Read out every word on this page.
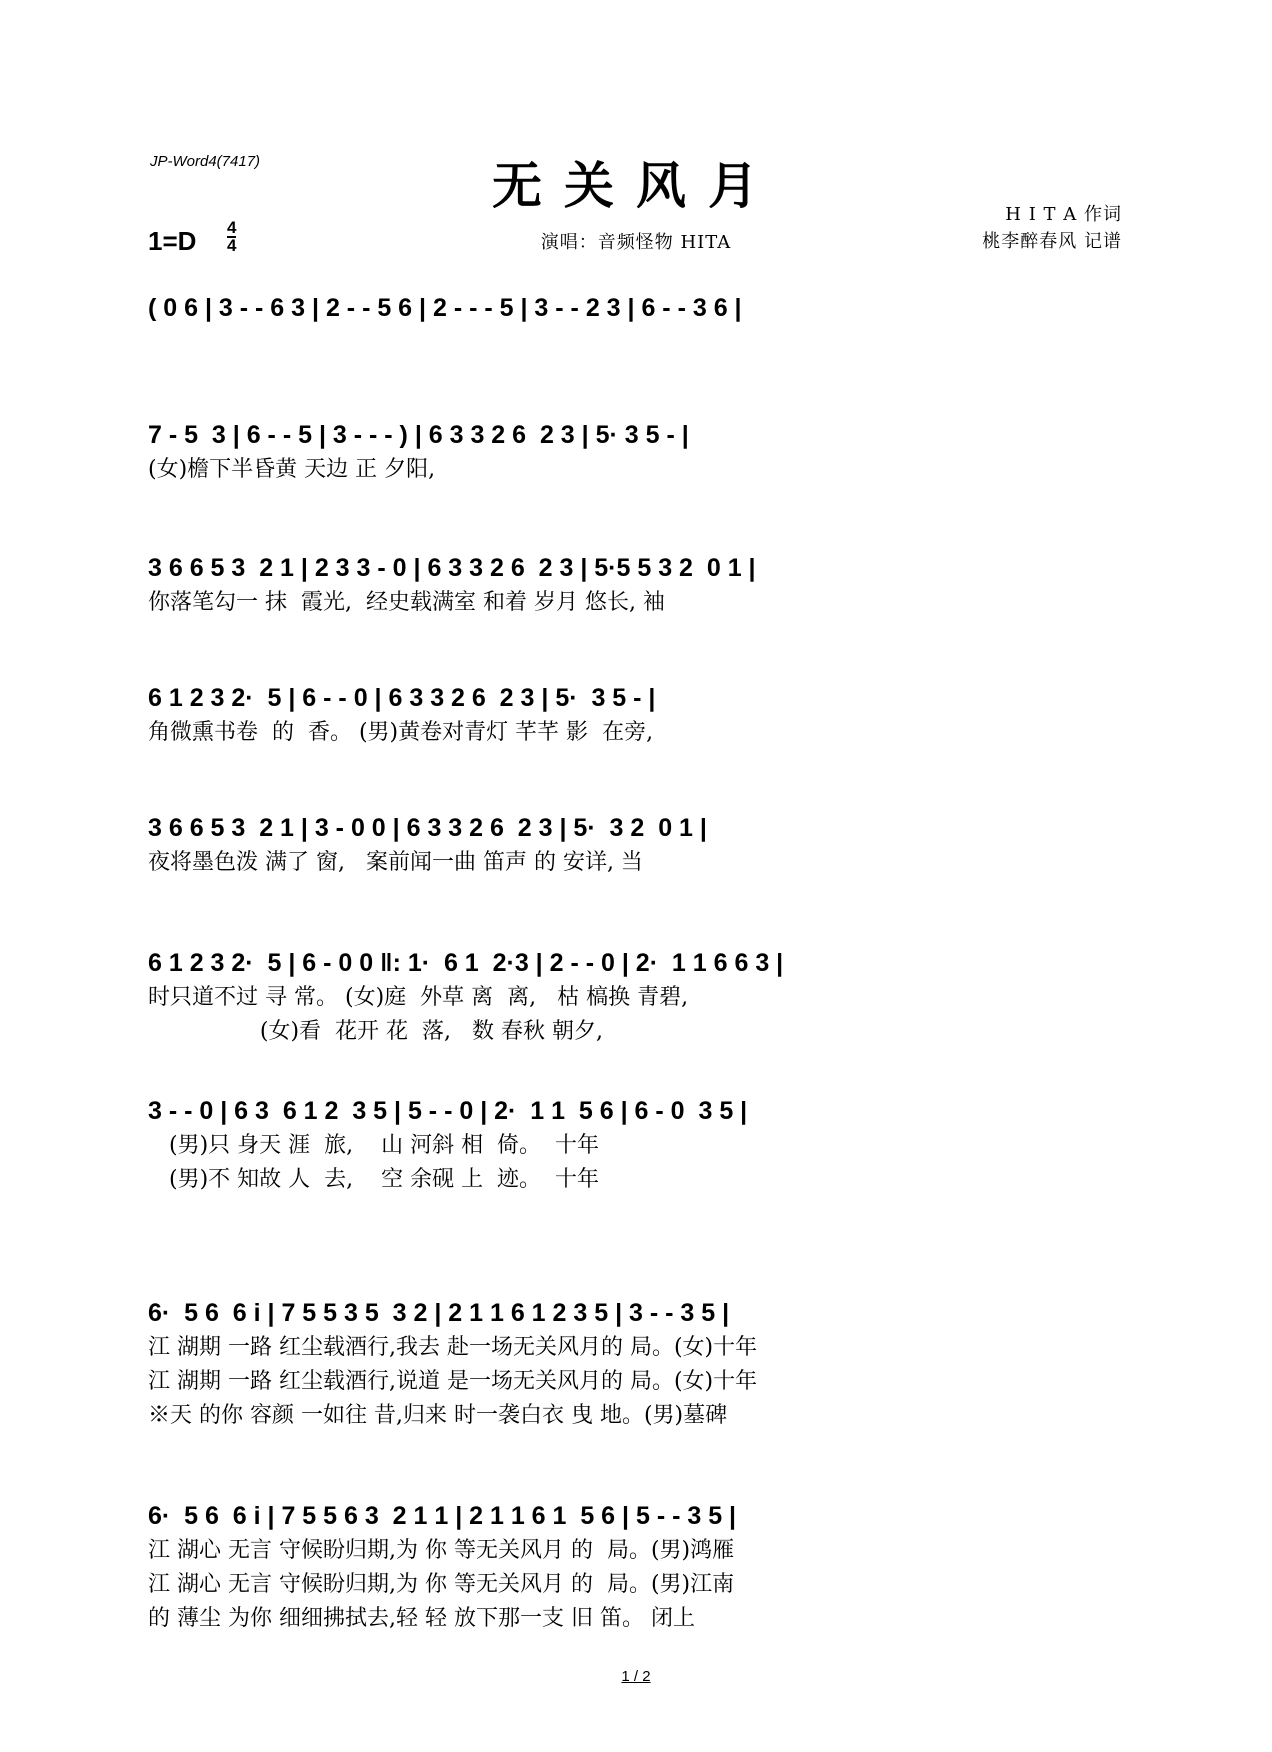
JP-Word4(7417)	无关风月
$1=D \frac{4}{4}$	演唱：音频怪物 HITA
H I T A 作词
桃李醉春风 记谱
( 0 6 | 3 - - 6 3 | 2 - - 5 6 | 2 - - - 5 | 3 - - 2 3 | 6 - - 3 6 |
7 - 5  3 | 6 - - 5 | 3 - - - ) | 6 3 3 2 6  2 3 | 5· 3 5 - |
(女)檐下半昏黄 天边 正 夕阳,
3 6 6 5 3  2 1 | 2 3 3 - 0 | 6 3 3 2 6  2 3 | 5·5 5 3 2  0 1 |
你落笔勾一 抹  霞光,  经史载满室 和着 岁月 悠长, 袖
6 1 2 3 2·  5 | 6 - - 0 | 6 3 3 2 6  2 3 | 5·  3 5 - |
角微熏书卷  的  香。 (男)黄卷对青灯 芊芊 影  在旁,
3 6 6 5 3  2 1 | 3 - 0 0 | 6 3 3 2 6  2 3 | 5·  3 2  0 1 |
夜将墨色泼 满了 窗,   案前闻一曲 笛声 的 安详, 当
6 1 2 3 2·  5 | 6 - 0 0 ‖: 1·  6 1  2·3 | 2 - - 0 | 2·  1 1 6 6 3 |
时只道不过 寻 常。 (女)庭  外草 离  离,   枯 槁换 青碧,
(女)看  花开 花  落,   数 春秋 朝夕,
3 - - 0 | 6 3  6 1 2  3 5 | 5 - - 0 | 2·  1 1  5 6 | 6 - 0  3 5 |
(男)只 身天 涯  旅,    山 河斜 相  倚。  十年
(男)不 知故 人  去,    空 余砚 上  迹。  十年
6·  5 6  6 i | 7 5 5 3 5  3 2 | 2 1 1 6 1 2 3 5 | 3 - - 3 5 |
江 湖期 一路 红尘载酒行,我去 赴一场无关风月的 局。(女)十年
江 湖期 一路 红尘载酒行,说道 是一场无关风月的 局。(女)十年
※天 的你 容颜 一如往 昔,归来 时一袭白衣 曳 地。(男)墓碑
6·  5 6  6 i | 7 5 5 6 3  2 1 1 | 2 1 1 6 1  5 6 | 5 - - 3 5 |
江 湖心 无言 守候盼归期,为 你 等无关风月 的  局。(男)鸿雁
江 湖心 无言 守候盼归期,为 你 等无关风月 的  局。(男)江南
的 薄尘 为你 细细拂拭去,轻 轻 放下那一支 旧 笛。 闭上
1 / 2
